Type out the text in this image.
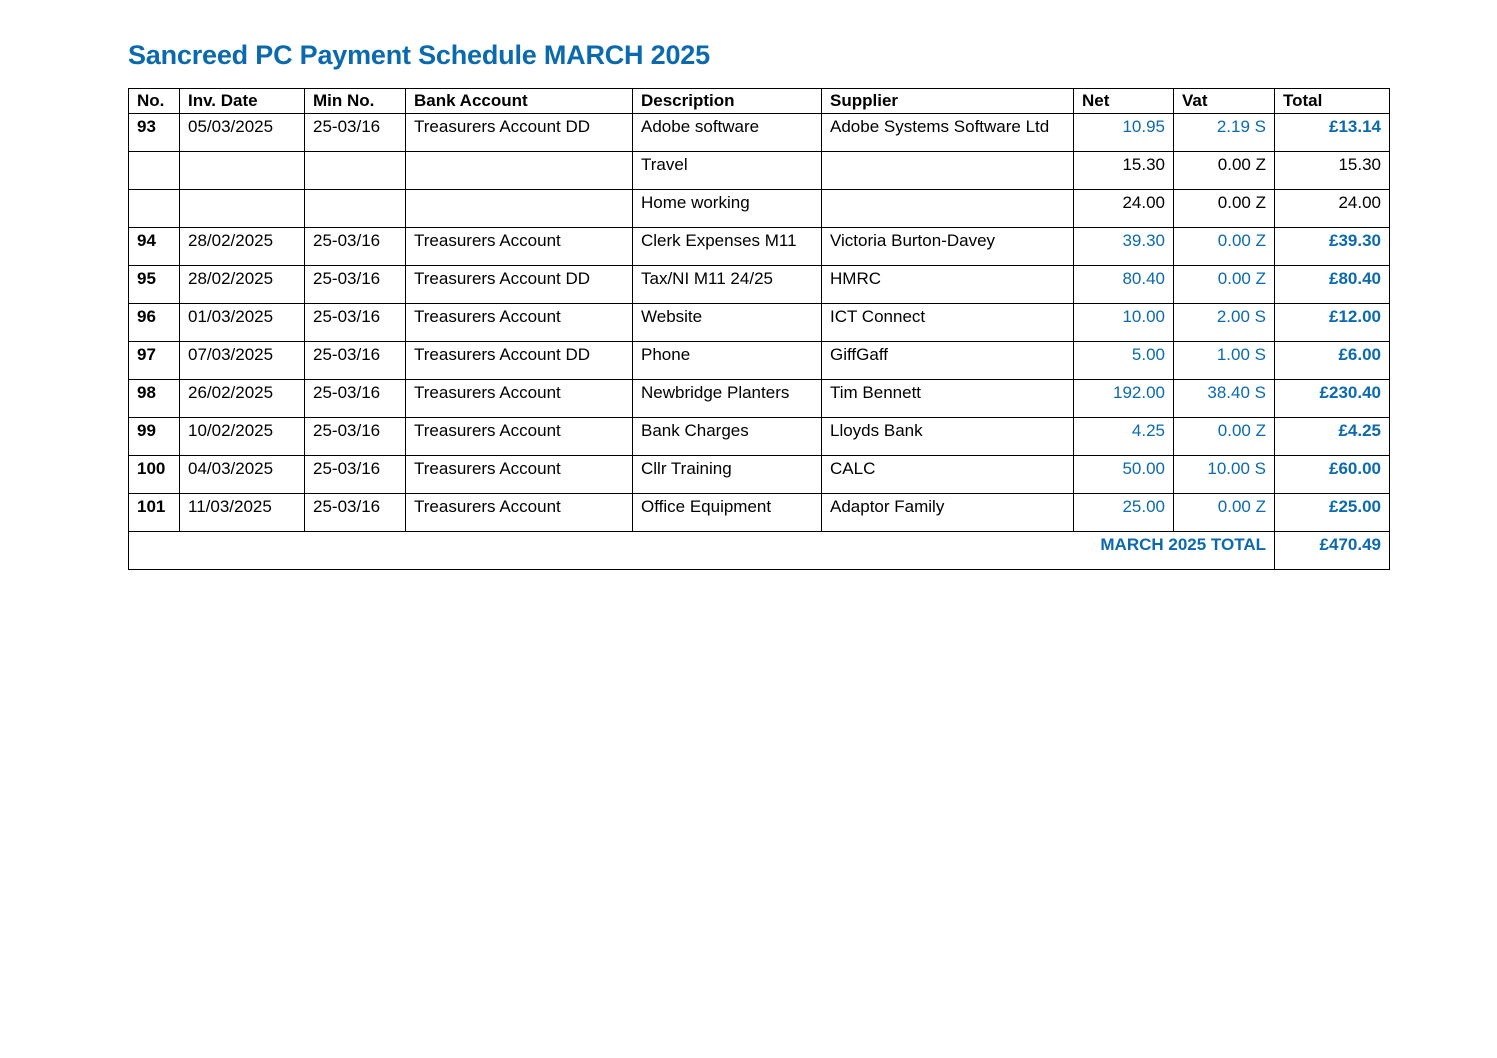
Sancreed PC Payment Schedule MARCH 2025
No.	Inv. Date	Min No.	Bank Account	Description	Supplier	Net	Vat	Total
93	05/03/2025	25-03/16	Treasurers Account DD	Adobe software	Adobe Systems Software Ltd	10.95	2.19 S	£13.14
				Travel		15.30	0.00 Z	15.30
				Home working		24.00	0.00 Z	24.00
94	28/02/2025	25-03/16	Treasurers Account	Clerk Expenses M11	Victoria Burton-Davey	39.30	0.00 Z	£39.30
95	28/02/2025	25-03/16	Treasurers Account DD	Tax/NI M11 24/25	HMRC	80.40	0.00 Z	£80.40
96	01/03/2025	25-03/16	Treasurers Account	Website	ICT Connect	10.00	2.00 S	£12.00
97	07/03/2025	25-03/16	Treasurers Account DD	Phone	GiffGaff	5.00	1.00 S	£6.00
98	26/02/2025	25-03/16	Treasurers Account	Newbridge Planters	Tim Bennett	192.00	38.40 S	£230.40
99	10/02/2025	25-03/16	Treasurers Account	Bank Charges	Lloyds Bank	4.25	0.00 Z	£4.25
100	04/03/2025	25-03/16	Treasurers Account	Cllr Training	CALC	50.00	10.00 S	£60.00
101	11/03/2025	25-03/16	Treasurers Account	Office Equipment	Adaptor Family	25.00	0.00 Z	£25.00
MARCH 2025 TOTAL								£470.49
